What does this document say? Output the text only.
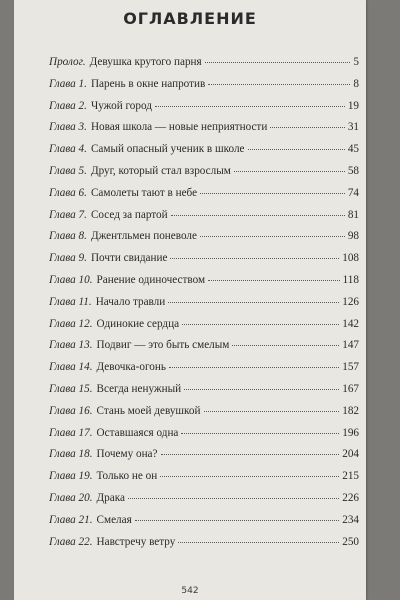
ОГЛАВЛЕНИЕ
Пролог. Девушка крутого парня	5
Глава 1. Парень в окне напротив	8
Глава 2. Чужой город	19
Глава 3. Новая школа — новые неприятности	31
Глава 4. Самый опасный ученик в школе	45
Глава 5. Друг, который стал взрослым	58
Глава 6. Самолеты тают в небе	74
Глава 7. Сосед за партой	81
Глава 8. Джентльмен поневоле	98
Глава 9. Почти свидание	108
Глава 10. Ранение одиночеством	118
Глава 11. Начало травли	126
Глава 12. Одинокие сердца	142
Глава 13. Подвиг — это быть смелым	147
Глава 14. Девочка-огонь	157
Глава 15. Всегда ненужный	167
Глава 16. Стань моей девушкой	182
Глава 17. Оставшаяся одна	196
Глава 18. Почему она?	204
Глава 19. Только не он	215
Глава 20. Драка	226
Глава 21. Смелая	234
Глава 22. Навстречу ветру	250
542
